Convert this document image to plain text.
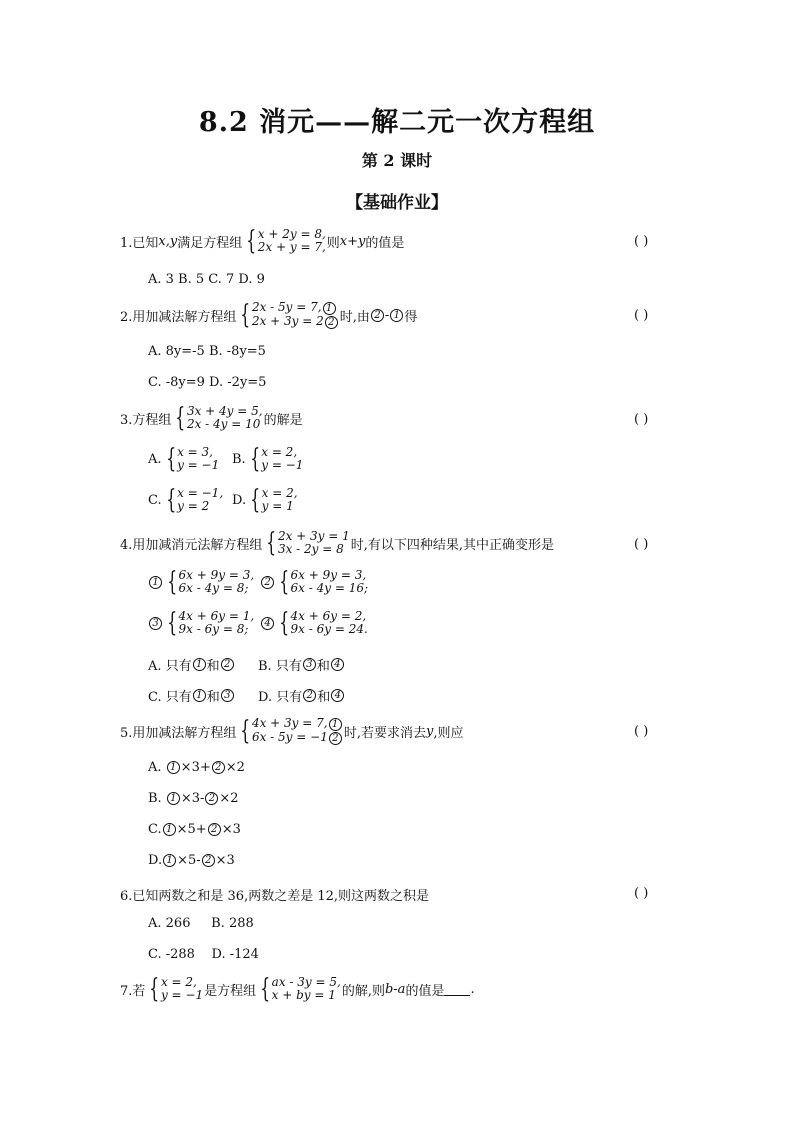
8.2 消元——解二元一次方程组
第 2 课时
【基础作业】
1.已知 x,y 满足方程组 { x + 2y = 8,
2x + y = 7, 则 x+y 的值是	( )
A. 3 B. 5 C. 7 D. 9
2.用加减法解方程组 { 2x - 5y = 7, 1
2x + 3y = 2 2 时,由 2 - 1 得	( )
A. 8y=-5 B. -8y=5
C. -8y=9 D. -2y=5
3.方程组 { 3x + 4y = 5,
2x - 4y = 10 的解是	( )
A. { x = 3,
y = −1 B. { x = 2,
y = −1
C. { x = −1,
y = 2	D. { x = 2,
y = 1
4.用加减消元法解方程组 { 2x + 3y = 1
3x - 2y = 8 时,有以下四种结果,其中正确变形是	( )
1 { 6x + 9y = 3,
6x - 4y = 8;	2 { 6x + 9y = 3,
6x - 4y = 16;
3 { 4x + 6y = 1,
9x - 6y = 8;	4 { 4x + 6y = 2,
9x - 6y = 24.
A. 只有 1 和 2 B. 只有 3 和 4
C. 只有 1 和 3 D. 只有 2 和 4
5.用加减法解方程组 { 4x + 3y = 7, 1
6x - 5y = −1 2 时,若要求消去 y ,则应	( )
A.
1 ×3+ 2 ×2
B.
1 ×3- 2 ×2
C. 1 ×5+ 2 ×3
D. 1 ×5- 2 ×3
6.已知两数之和是 36,两数之差是 12,则这两数之积是	( )
A. 266     B. 288
C. -288    D. -124
7.若 { x = 2,
y = −1 是方程组 { ax - 3y = 5,
x + by = 1 的解,则 b-a 的值是 .
